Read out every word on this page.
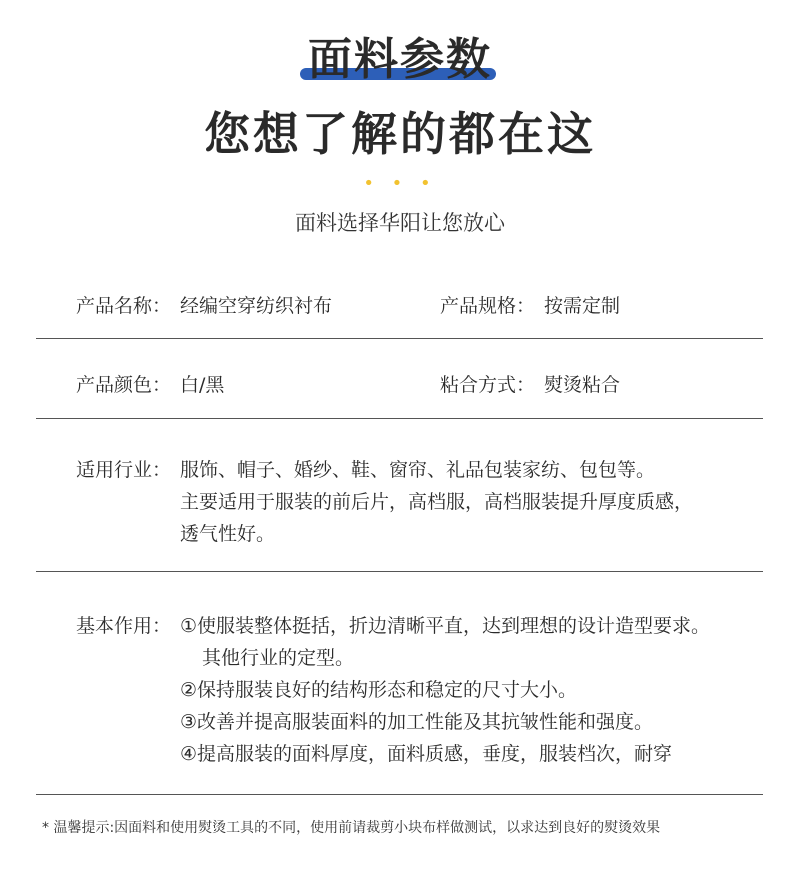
面料参数
您想了解的都在这
• • •
面料选择华阳让您放心
产品名称： 经编空穿纺织衬布	产品规格： 按需定制
产品颜色： 白/黑	粘合方式： 熨烫粘合
适用行业： 服饰、帽子、婚纱、鞋、窗帘、礼品包装家纺、包包等。
主要适用于服装的前后片，高档服，高档服装提升厚度质感，
透气性好。
基本作用： ①使服装整体挺括，折边清晰平直，达到理想的设计造型要求。
其他行业的定型。
②保持服装良好的结构形态和稳定的尺寸大小。
③改善并提高服装面料的加工性能及其抗皱性能和强度。
④提高服装的面料厚度，面料质感，垂度，服装档次，耐穿
* 温馨提示:因面料和使用熨烫工具的不同，使用前请裁剪小块布样做测试，以求达到良好的熨烫效果
